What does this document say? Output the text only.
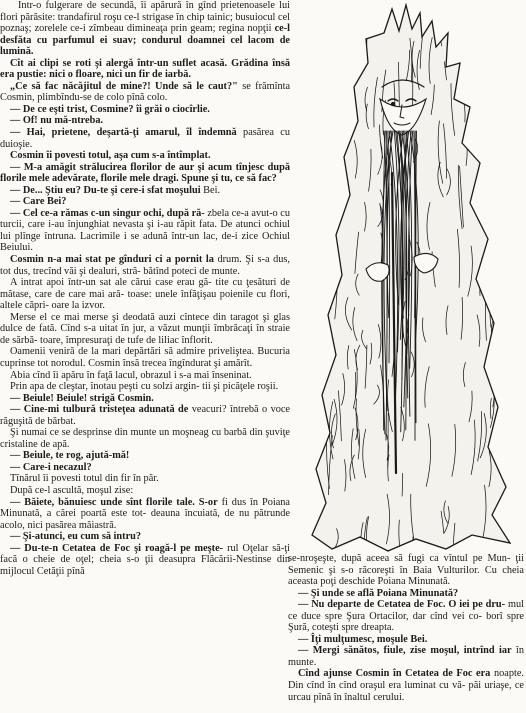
Intr-o fulgerare de secundă, îi apărură în gînd prietenoasele lui flori părăsite: trandafirul roşu ce-l strigase în chip tainic; busuiocul cel poznaş; zorelele ce-i zîmbeau dimineaţa prin geam; regina nopţii ce-l desfăta cu parfumul ei suav; condurul doamnei cel lacom de lumină.

Cît ai clipi se roti şi alergă într-un suflet acasă. Grădina însă era pustie: nici o floare, nici un fir de iarbă.

„Ce să fac năcăjitul de mine?! Unde să le caut?" se frămînta Cosmin, plimbîndu-se de colo pînă colo.

— De ce eşti trist, Cosmine? îi grăi o ciocîrlie.

— Of! nu mă-ntreba.

— Hai, prietene, deşartă-ţi amarul, îl îndemnă pasărea cu duioşie.

Cosmin îi povesti totul, aşa cum s-a întîmplat.

— M-a amăgit strălucirea florilor de aur şi acum tînjesc după florile mele adevărate, florile mele dragi. Spune şi tu, ce să fac?

— De... Ştiu eu? Du-te şi cere-i sfat moşului Bei.

— Care Bei?

— Cel ce-a rămas c-un singur ochi, după ră- zbela ce-a avut-o cu turcii, care i-au înjunghiat nevasta şi i-au răpit fata. De atunci ochiul lui plînge întruna. Lacrimile i se adună într-un lac, de-i zice Ochiul Beiului.

Cosmin n-a mai stat pe gînduri ci a pornit la drum. Şi s-a dus, tot dus, trecînd văi şi dealuri, stră- bătînd poteci de munte.

A intrat apoi într-un sat ale cărui case erau gă- tite cu ţesături de mătase, care de care mai ară- toase: unele înfăţişau poienile cu flori, altele căpri- oare la izvor.

Merse el ce mai merse şi deodată auzi cîntece din taragot şi glas dulce de fată. Cînd s-a uitat în jur, a văzut munţii îmbrăcaţi în straie de sărbă- toare, împresuraţi de tufe de liliac înflorit.

Oamenii veniră de la mari depărtări să admire priveliştea. Bucuria cuprinse tot norodul. Cosmin însă trecea îngîndurat şi amărît.

Abia cînd îi apăru în faţă lacul, obrazul i s-a mai înseninat.

Prin apa de cleştar, înotau peşti cu solzi argin- tii şi picăţele roşii.

— Beiule! Beiule! strigă Cosmin.

— Cine-mi tulbură tristeţea adunată de veacuri? întrebă o voce răguşită de bărbat.

Şi numai ce se desprinse din munte un moşneag cu barbă din şuviţe cristaline de apă.

— Beiule, te rog, ajută-mă!

— Care-i necazul?

Tînărul îi povesti totul din fir în păr.

După ce-l ascultă, moşul zise:

— Băiete, bănuiesc unde sînt florile tale. S-or fi dus în Poiana Minunată, a cărei poartă este tot- deauna încuiată, de nu pătrunde acolo, nici pasărea măiastră.

— Şi-atunci, eu cum să intru?

— Du-te-n Cetatea de Foc şi roagă-l pe meşte- rul Oţelar să-ţi facă o cheie de oţel; cheia s-o ţii deasupra Flăcării-Nestinse din mijlocul Cetăţii pînă

se-nroşeşte, după aceea să fugi ca vîntul pe Mun- ţii Semenic şi s-o răcoreşti în Baia Vulturilor. Cu cheia aceasta poţi deschide Poiana Minunată.

— Şi unde se află Poiana Minunată?

— Nu departe de Cetatea de Foc. O iei pe dru- mul ce duce spre Şura Ortacilor, dar cînd vei co- borî spre Şură, coteşti spre dreapta.

— Îţi mulţumesc, moşule Bei.

— Mergi sănătos, fiule, zise moşul, intrînd iar în munte.

Cînd ajunse Cosmin în Cetatea de Foc era noapte. Din cînd în cînd oraşul era luminat cu vă- păi uriaşe, ce urcau pînă în înaltul cerului.
